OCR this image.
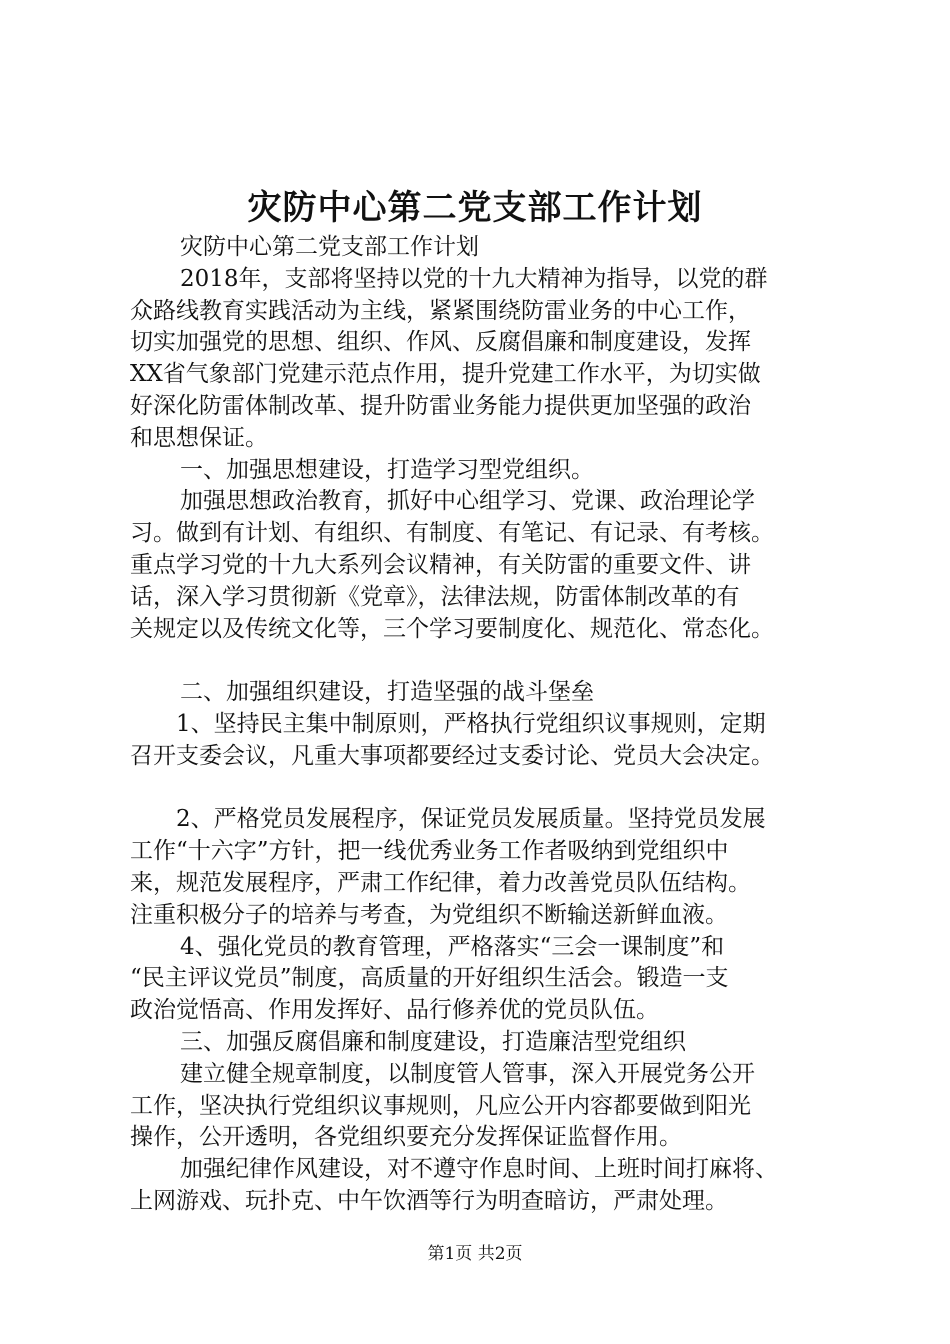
灾防中心第二党支部工作计划
灾防中心第二党支部工作计划
2018年，支部将坚持以党的十九大精神为指导，以党的群
众路线教育实践活动为主线，紧紧围绕防雷业务的中心工作，
切实加强党的思想、组织、作风、反腐倡廉和制度建设，发挥
XX省气象部门党建示范点作用，提升党建工作水平，为切实做
好深化防雷体制改革、提升防雷业务能力提供更加坚强的政治
和思想保证。
一、加强思想建设，打造学习型党组织。
加强思想政治教育，抓好中心组学习、党课、政治理论学
习。做到有计划、有组织、有制度、有笔记、有记录、有考核。
重点学习党的十九大系列会议精神，有关防雷的重要文件、讲
话，深入学习贯彻新《党章》，法律法规，防雷体制改革的有
关规定以及传统文化等，三个学习要制度化、规范化、常态化。
二、加强组织建设，打造坚强的战斗堡垒
1、坚持民主集中制原则，严格执行党组织议事规则，定期
召开支委会议，凡重大事项都要经过支委讨论、党员大会决定。
2、严格党员发展程序，保证党员发展质量。坚持党员发展
工作“十六字”方针，把一线优秀业务工作者吸纳到党组织中
来，规范发展程序，严肃工作纪律，着力改善党员队伍结构。
注重积极分子的培养与考查，为党组织不断输送新鲜血液。
4、强化党员的教育管理，严格落实“三会一课制度”和
“民主评议党员”制度，高质量的开好组织生活会。锻造一支
政治觉悟高、作用发挥好、品行修养优的党员队伍。
三、加强反腐倡廉和制度建设，打造廉洁型党组织
建立健全规章制度，以制度管人管事，深入开展党务公开
工作，坚决执行党组织议事规则，凡应公开内容都要做到阳光
操作，公开透明，各党组织要充分发挥保证监督作用。
加强纪律作风建设，对不遵守作息时间、上班时间打麻将、
上网游戏、玩扑克、中午饮酒等行为明查暗访，严肃处理。
第1页 共2页
